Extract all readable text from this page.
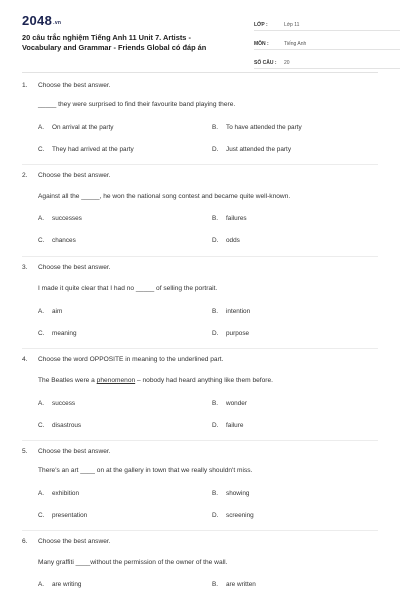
2048.vn
20 câu trắc nghiệm Tiếng Anh 11 Unit 7. Artists - Vocabulary and Grammar - Friends Global có đáp án
LỚP :	Lớp 11
MÔN :	Tiếng Anh
SỐ CÂU :	20
1. Choose the best answer.
_____ they were surprised to find their favourite band playing there.
A. On arrival at the party	B. To have attended the party
C. They had arrived at the party	D. Just attended the party
2. Choose the best answer.
Against all the _____, he won the national song contest and became quite well-known.
A. successes	B. failures
C. chances	D. odds
3. Choose the best answer.
I made it quite clear that I had no _____ of selling the portrait.
A. aim	B. intention
C. meaning	D. purpose
4. Choose the word OPPOSITE in meaning to the underlined part.
The Beatles were a phenomenon – nobody had heard anything like them before.
A. success	B. wonder
C. disastrous	D. failure
5. Choose the best answer.
There's an art ____ on at the gallery in town that we really shouldn't miss.
A. exhibition	B. showing
C. presentation	D. screening
6. Choose the best answer.
Many graffiti ____without the permission of the owner of the wall.
A. are writing	B. are written
